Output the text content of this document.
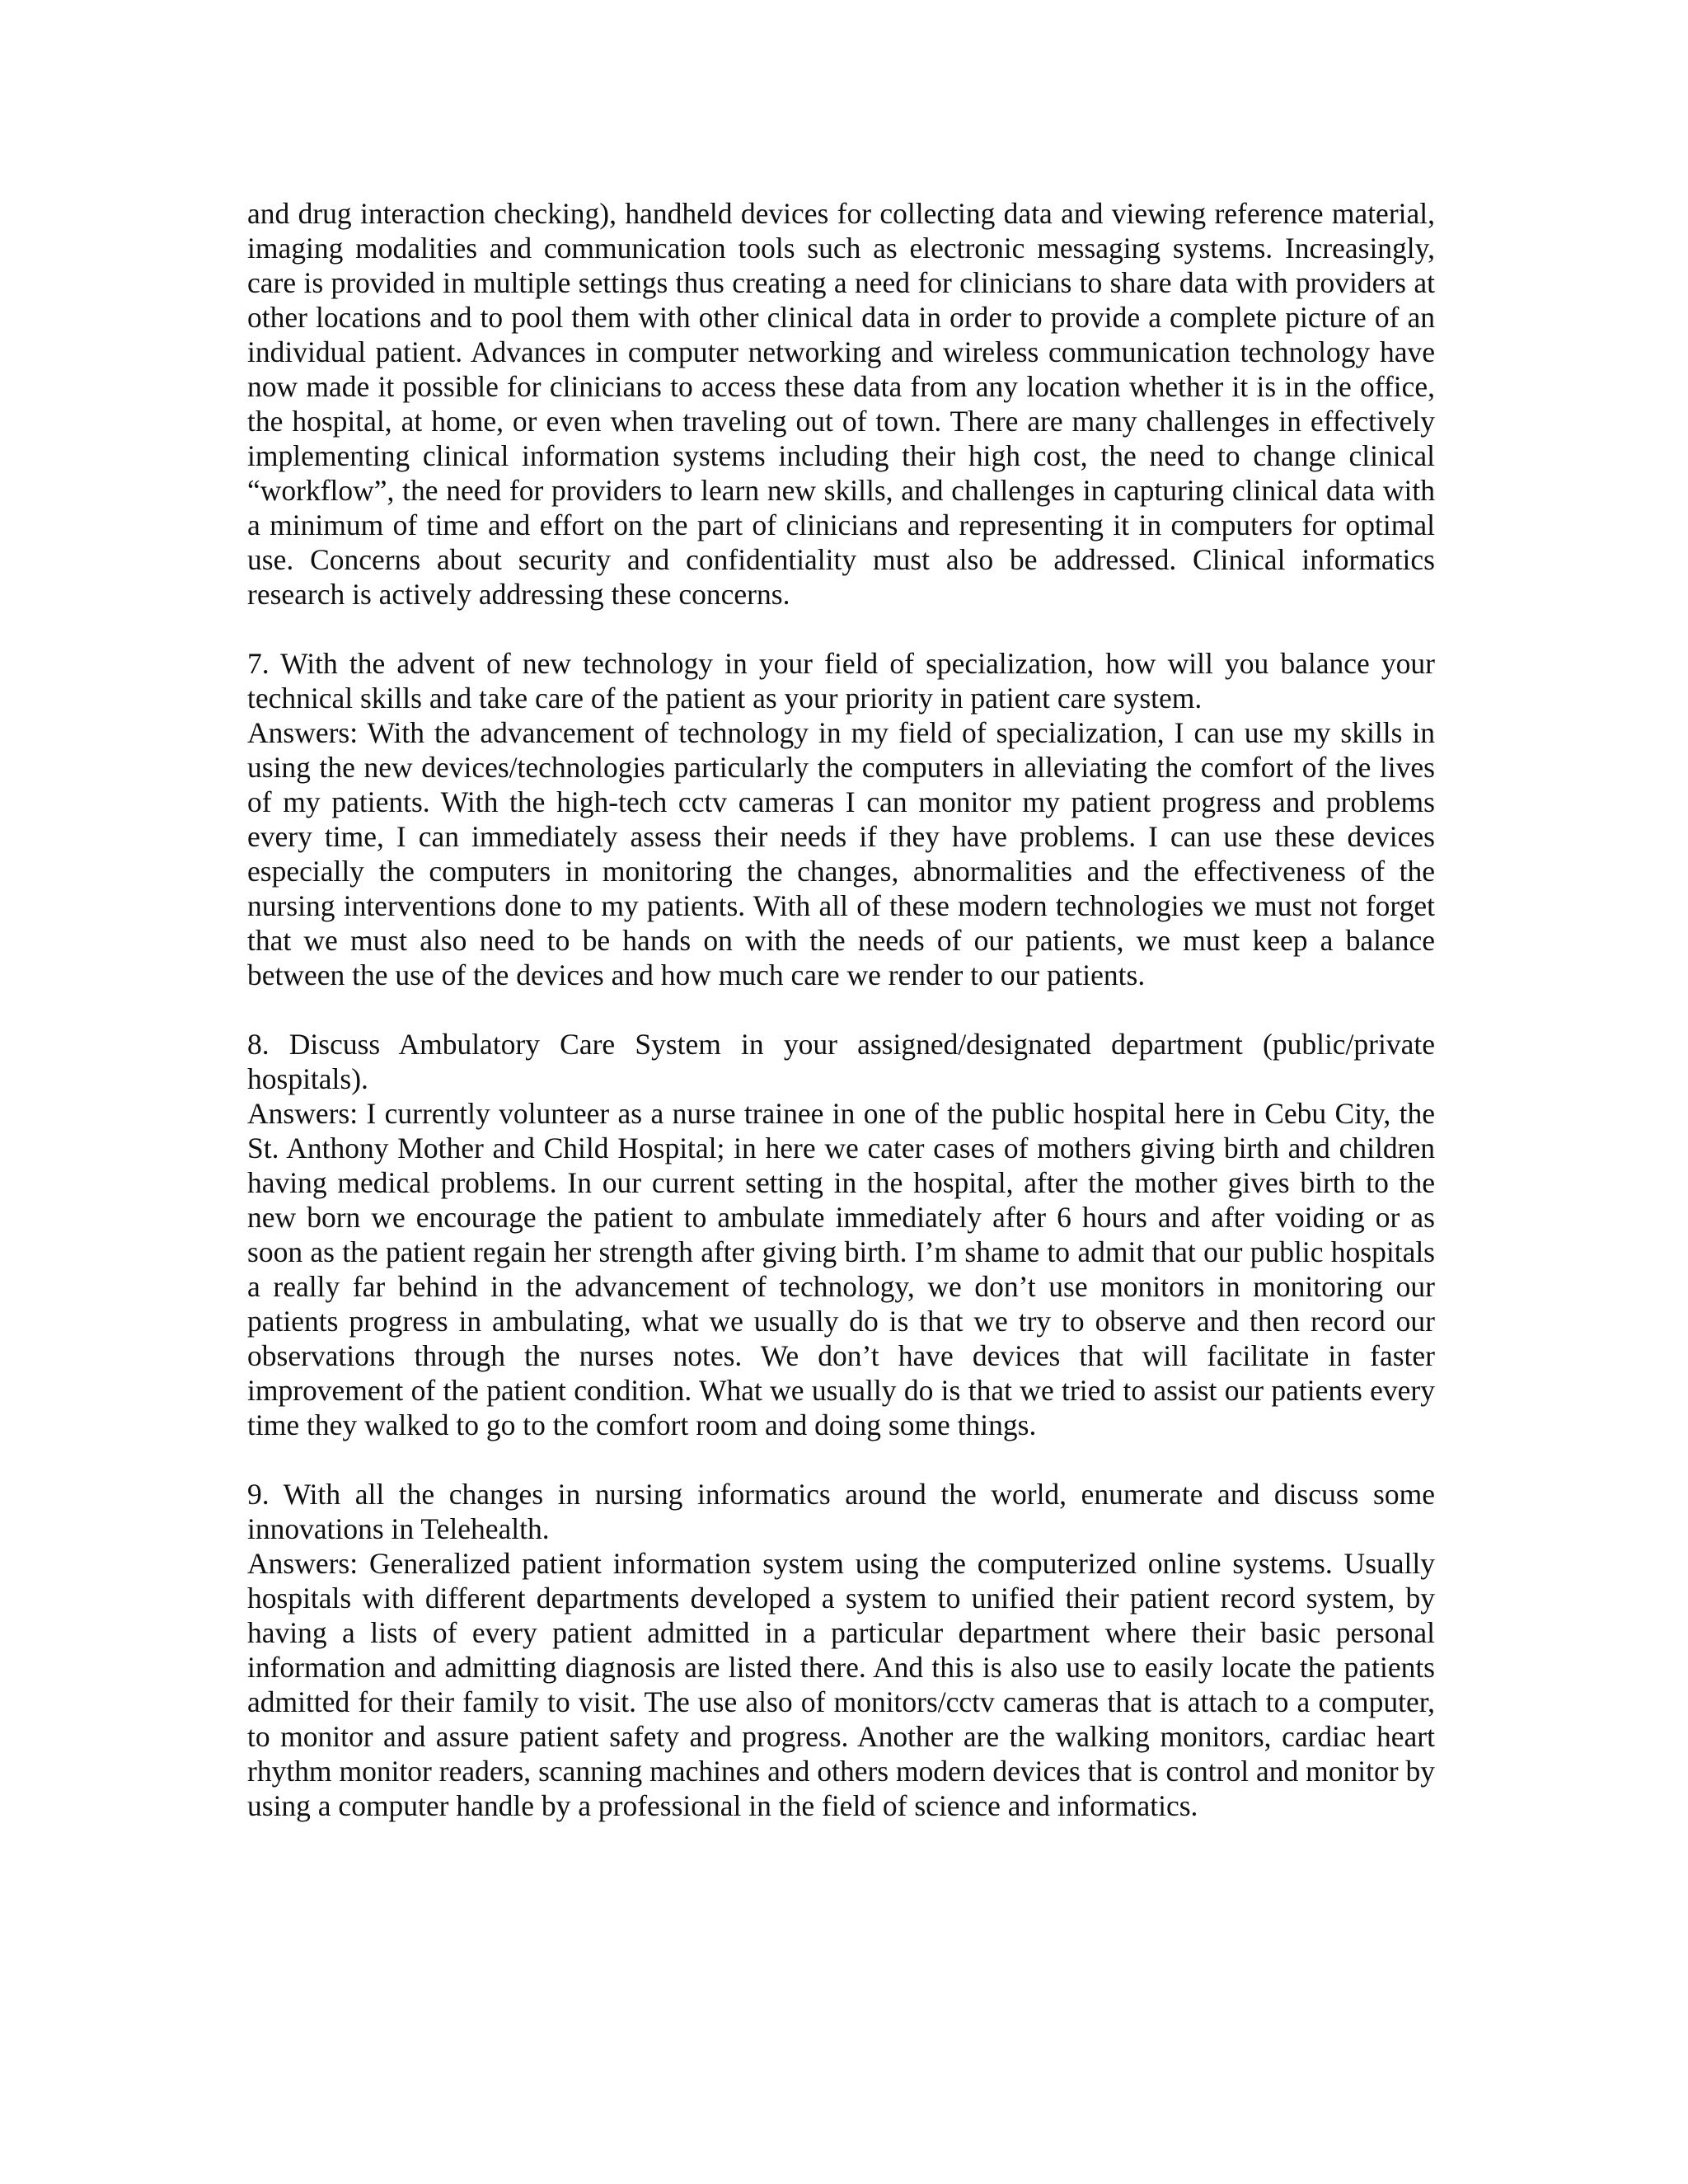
and drug interaction checking), handheld devices for collecting data and viewing reference material, imaging modalities and communication tools such as electronic messaging systems. Increasingly, care is provided in multiple settings thus creating a need for clinicians to share data with providers at other locations and to pool them with other clinical data in order to provide a complete picture of an individual patient. Advances in computer networking and wireless communication technology have now made it possible for clinicians to access these data from any location whether it is in the office, the hospital, at home, or even when traveling out of town. There are many challenges in effectively implementing clinical information systems including their high cost, the need to change clinical “workflow”, the need for providers to learn new skills, and challenges in capturing clinical data with a minimum of time and effort on the part of clinicians and representing it in computers for optimal use. Concerns about security and confidentiality must also be addressed. Clinical informatics research is actively addressing these concerns.

7. With the advent of new technology in your field of specialization, how will you balance your technical skills and take care of the patient as your priority in patient care system.

Answers: With the advancement of technology in my field of specialization, I can use my skills in using the new devices/technologies particularly the computers in alleviating the comfort of the lives of my patients. With the high-tech cctv cameras I can monitor my patient progress and problems every time, I can immediately assess their needs if they have problems. I can use these devices especially the computers in monitoring the changes, abnormalities and the effectiveness of the nursing interventions done to my patients. With all of these modern technologies we must not forget that we must also need to be hands on with the needs of our patients, we must keep a balance between the use of the devices and how much care we render to our patients.

8. Discuss Ambulatory Care System in your assigned/designated department (public/private hospitals).

Answers: I currently volunteer as a nurse trainee in one of the public hospital here in Cebu City, the St. Anthony Mother and Child Hospital; in here we cater cases of mothers giving birth and children having medical problems. In our current setting in the hospital, after the mother gives birth to the new born we encourage the patient to ambulate immediately after 6 hours and after voiding or as soon as the patient regain her strength after giving birth. I’m shame to admit that our public hospitals a really far behind in the advancement of technology, we don’t use monitors in monitoring our patients progress in ambulating, what we usually do is that we try to observe and then record our observations through the nurses notes. We don’t have devices that will facilitate in faster improvement of the patient condition. What we usually do is that we tried to assist our patients every time they walked to go to the comfort room and doing some things.

9. With all the changes in nursing informatics around the world, enumerate and discuss some innovations in Telehealth.

Answers: Generalized patient information system using the computerized online systems. Usually hospitals with different departments developed a system to unified their patient record system, by having a lists of every patient admitted in a particular department where their basic personal information and admitting diagnosis are listed there. And this is also use to easily locate the patients admitted for their family to visit. The use also of monitors/cctv cameras that is attach to a computer, to monitor and assure patient safety and progress. Another are the walking monitors, cardiac heart rhythm monitor readers, scanning machines and others modern devices that is control and monitor by using a computer handle by a professional in the field of science and informatics.
